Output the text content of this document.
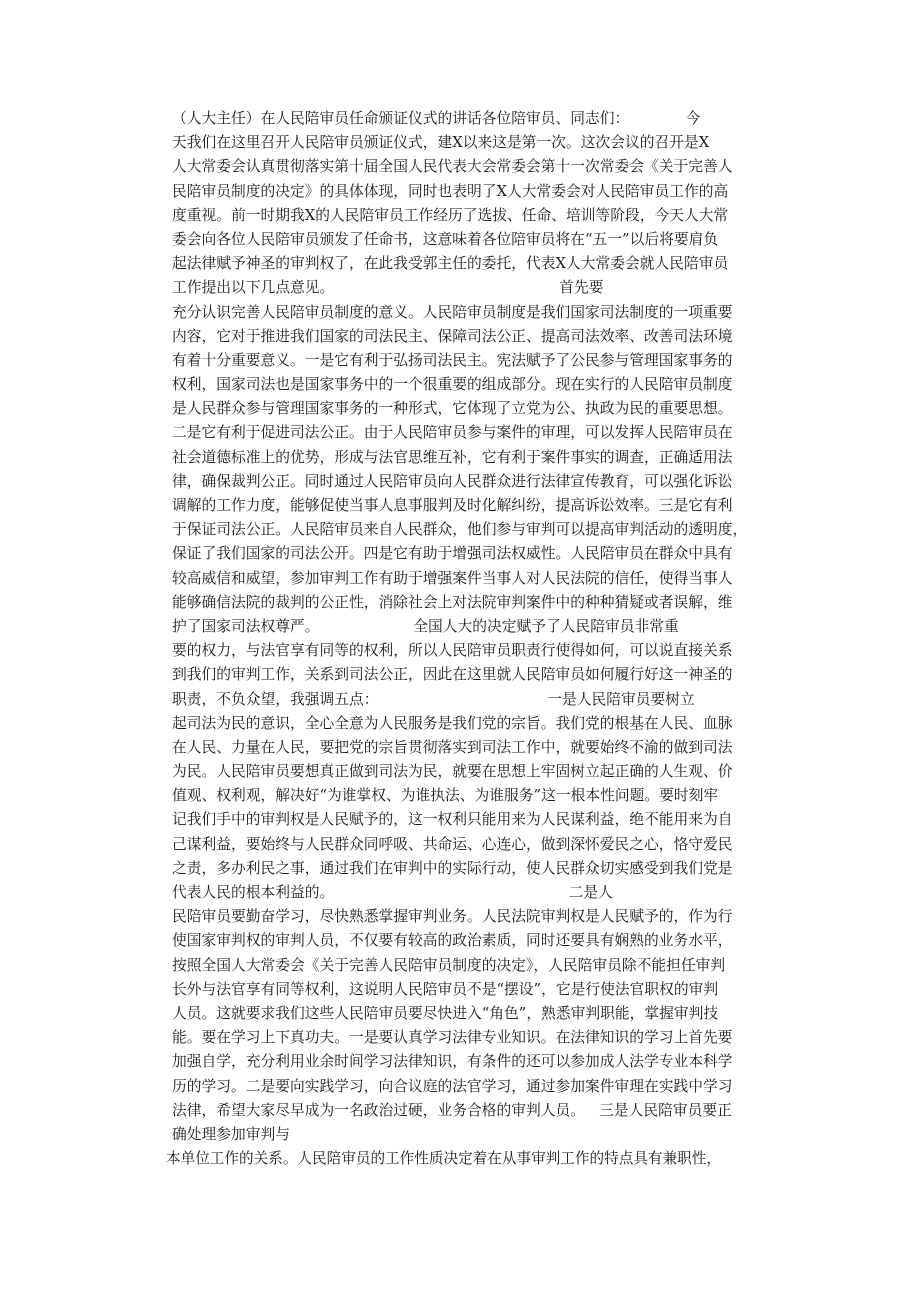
（人大主任）在人民陪审员任命颁证仪式的讲话各位陪审员、同志们：            今
天我们在这里召开人民陪审员颁证仪式，建X以来这是第一次。这次会议的召开是X
人大常委会认真贯彻落实第十届全国人民代表大会常委会第十一次常委会《关于完善人
民陪审员制度的决定》的具体体现，同时也表明了X人大常委会对人民陪审员工作的高
度重视。前一时期我X的人民陪审员工作经历了选拔、任命、培训等阶段，今天人大常
委会向各位人民陪审员颁发了任命书，这意味着各位陪审员将在“五一”以后将要肩负
起法律赋予神圣的审判权了，在此我受郭主任的委托，代表X人大常委会就人民陪审员
工作提出以下几点意见。                                                首先要
充分认识完善人民陪审员制度的意义。人民陪审员制度是我们国家司法制度的一项重要
内容，它对于推进我们国家的司法民主、保障司法公正、提高司法效率、改善司法环境
有着十分重要意义。一是它有利于弘扬司法民主。宪法赋予了公民参与管理国家事务的
权利，国家司法也是国家事务中的一个很重要的组成部分。现在实行的人民陪审员制度
是人民群众参与管理国家事务的一种形式，它体现了立党为公、执政为民的重要思想。
二是它有利于促进司法公正。由于人民陪审员参与案件的审理，可以发挥人民陪审员在
社会道德标准上的优势，形成与法官思维互补，它有利于案件事实的调查，正确适用法
律，确保裁判公正。同时通过人民陪审员向人民群众进行法律宣传教育，可以强化诉讼
调解的工作力度，能够促使当事人息事服判及时化解纠纷，提高诉讼效率。三是它有利
于保证司法公正。人民陪审员来自人民群众，他们参与审判可以提高审判活动的透明度，
保证了我们国家的司法公开。四是它有助于增强司法权威性。人民陪审员在群众中具有
较高威信和威望，参加审判工作有助于增强案件当事人对人民法院的信任，使得当事人
能够确信法院的裁判的公正性，消除社会上对法院审判案件中的种种猜疑或者误解，维
护了国家司法权尊严。                    全国人大的决定赋予了人民陪审员非常重
要的权力，与法官享有同等的权利，所以人民陪审员职责行使得如何，可以说直接关系
到我们的审判工作，关系到司法公正，因此在这里就人民陪审员如何履行好这一神圣的
职责，不负众望，我强调五点：                                    一是人民陪审员要树立
起司法为民的意识，全心全意为人民服务是我们党的宗旨。我们党的根基在人民、血脉
在人民、力量在人民，要把党的宗旨贯彻落实到司法工作中，就要始终不渝的做到司法
为民。人民陪审员要想真正做到司法为民，就要在思想上牢固树立起正确的人生观、价
值观、权利观，解决好“为谁掌权、为谁执法、为谁服务”这一根本性问题。要时刻牢
记我们手中的审判权是人民赋予的，这一权利只能用来为人民谋利益，绝不能用来为自
己谋利益，要始终与人民群众同呼吸、共命运、心连心，做到深怀爱民之心，恪守爱民
之责，多办利民之事，通过我们在审判中的实际行动，使人民群众切实感受到我们党是
代表人民的根本利益的。                                                  二是人
民陪审员要勤奋学习，尽快熟悉掌握审判业务。人民法院审判权是人民赋予的，作为行
使国家审判权的审判人员，不仅要有较高的政治素质，同时还要具有娴熟的业务水平，
按照全国人大常委会《关于完善人民陪审员制度的决定》，人民陪审员除不能担任审判
长外与法官享有同等权利，这说明人民陪审员不是“摆设”，它是行使法官职权的审判
人员。这就要求我们这些人民陪审员要尽快进入“角色”，熟悉审判职能，掌握审判技
能。要在学习上下真功夫。一是要认真学习法律专业知识。在法律知识的学习上首先要
加强自学，充分利用业余时间学习法律知识，有条件的还可以参加成人法学专业本科学
历的学习。二是要向实践学习，向合议庭的法官学习，通过参加案件审理在实践中学习
法律，希望大家尽早成为一名政治过硬，业务合格的审判人员。   三是人民陪审员要正
确处理参加审判与
本单位工作的关系。人民陪审员的工作性质决定着在从事审判工作的特点具有兼职性，
